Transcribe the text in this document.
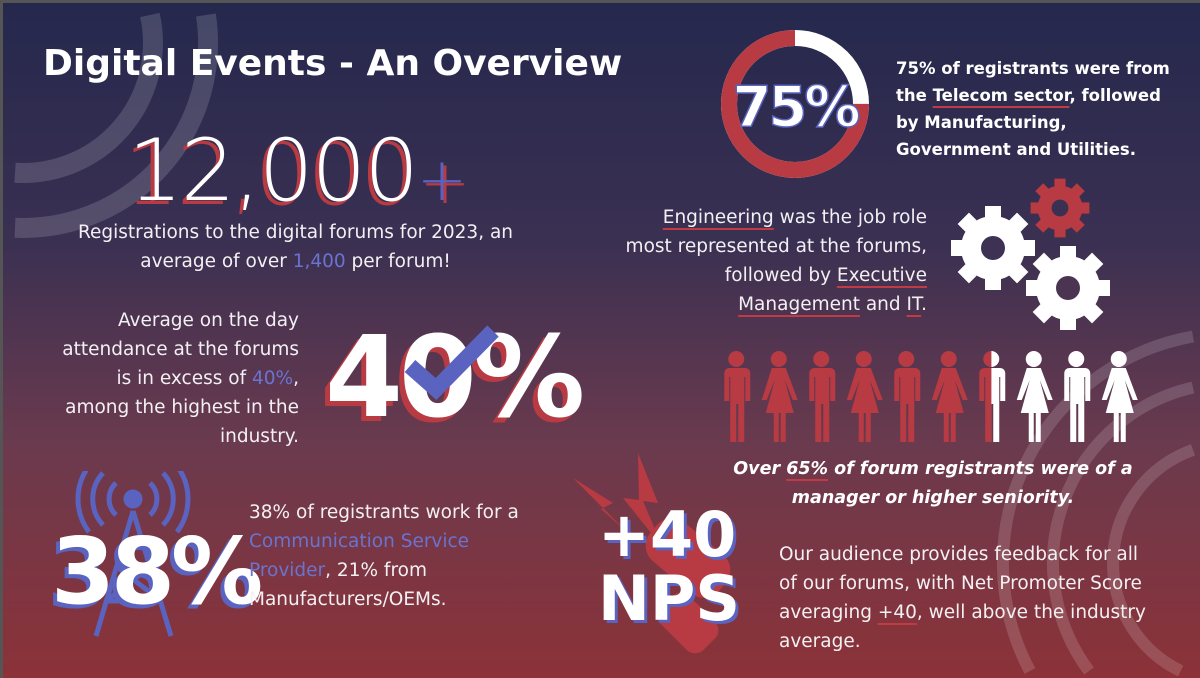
Digital Events - An Overview
12,000+
Registrations to the digital forums for 2023, an
average of over 1,400 per forum!
Average on the day
attendance at the forums
is in excess of 40%,
among the highest in the
industry. 40%
38%
38% of registrants work for a
Communication Service
Provider, 21% from
Manufacturers/OEMs.
75%
75% of registrants were from
the Telecom sector, followed
by Manufacturing,
Government and Utilities.
Engineering was the job role
most represented at the forums,
followed by Executive
Management and IT.
Over 65% of forum registrants were of a
manager or higher seniority.
+40
NPS
Our audience provides feedback for all
of our forums, with Net Promoter Score
averaging +40, well above the industry
average.
